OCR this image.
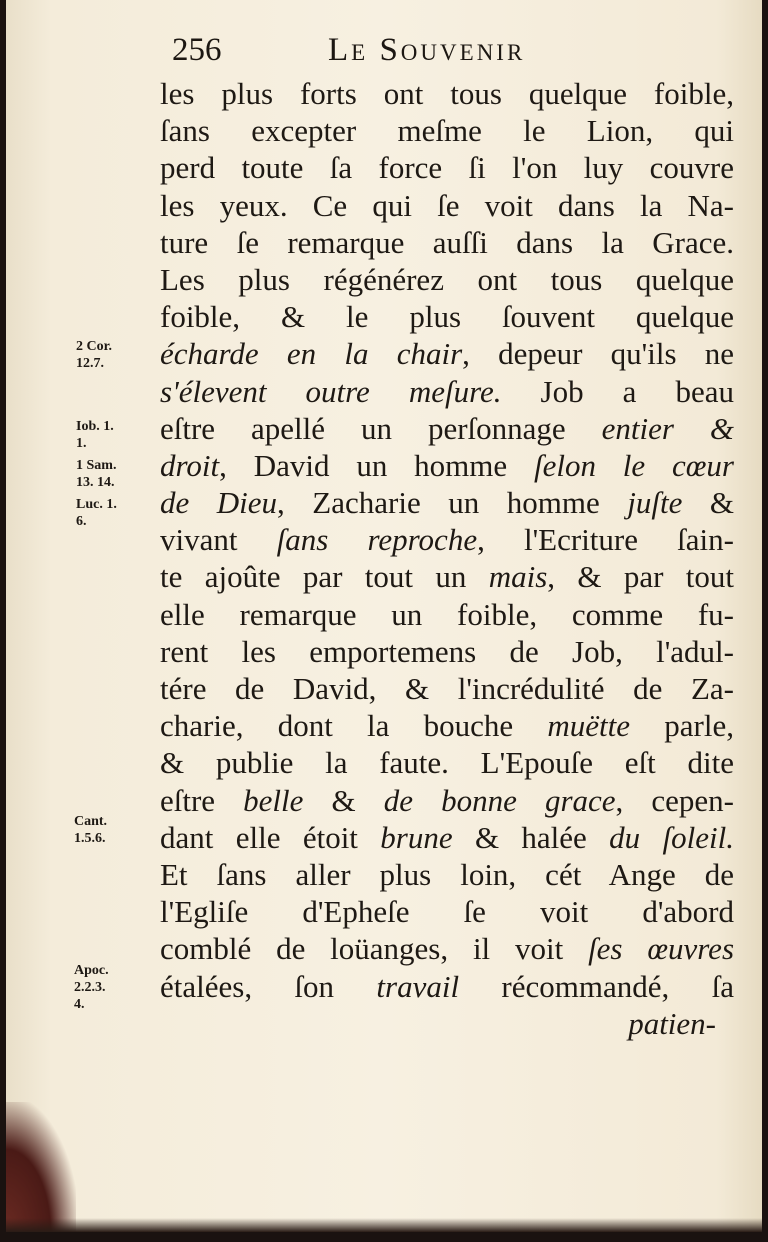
256	Le Souvenir
les plus forts ont tous quelque foible,
ſans excepter meſme le Lion, qui
perd toute ſa force ſi l'on luy couvre
les yeux. Ce qui ſe voit dans la Na-
ture ſe remarque auſſi dans la Grace.
Les plus régénérez ont tous quelque
foible, & le plus ſouvent quelque
écharde en la chair, depeur qu'ils ne
s'élevent outre meſure. Job a beau
eſtre apellé un perſonnage entier &
droit, David un homme ſelon le cœur
de Dieu, Zacharie un homme juſte &
vivant ſans reproche, l'Ecriture ſain-
te ajoûte par tout un mais, & par tout
elle remarque un foible, comme fu-
rent les emportemens de Job, l'adul-
tére de David, & l'incrédulité de Za-
charie, dont la bouche muëtte parle,
& publie la faute. L'Epouſe eſt dite
eſtre belle & de bonne grace, cepen-
dant elle étoit brune & halée du ſoleil.
Et ſans aller plus loin, cét Ange de
l'Egliſe d'Epheſe ſe voit d'abord
comblé de loüanges, il voit ſes œuvres
étalées, ſon travail récommandé, ſa
patien-
2 Cor.
12.7.
Iob. 1.
1.
1 Sam.
13. 14.
Luc. 1.
6.
Cant.
1.5.6.
Apoc.
2.2.3.
4.
